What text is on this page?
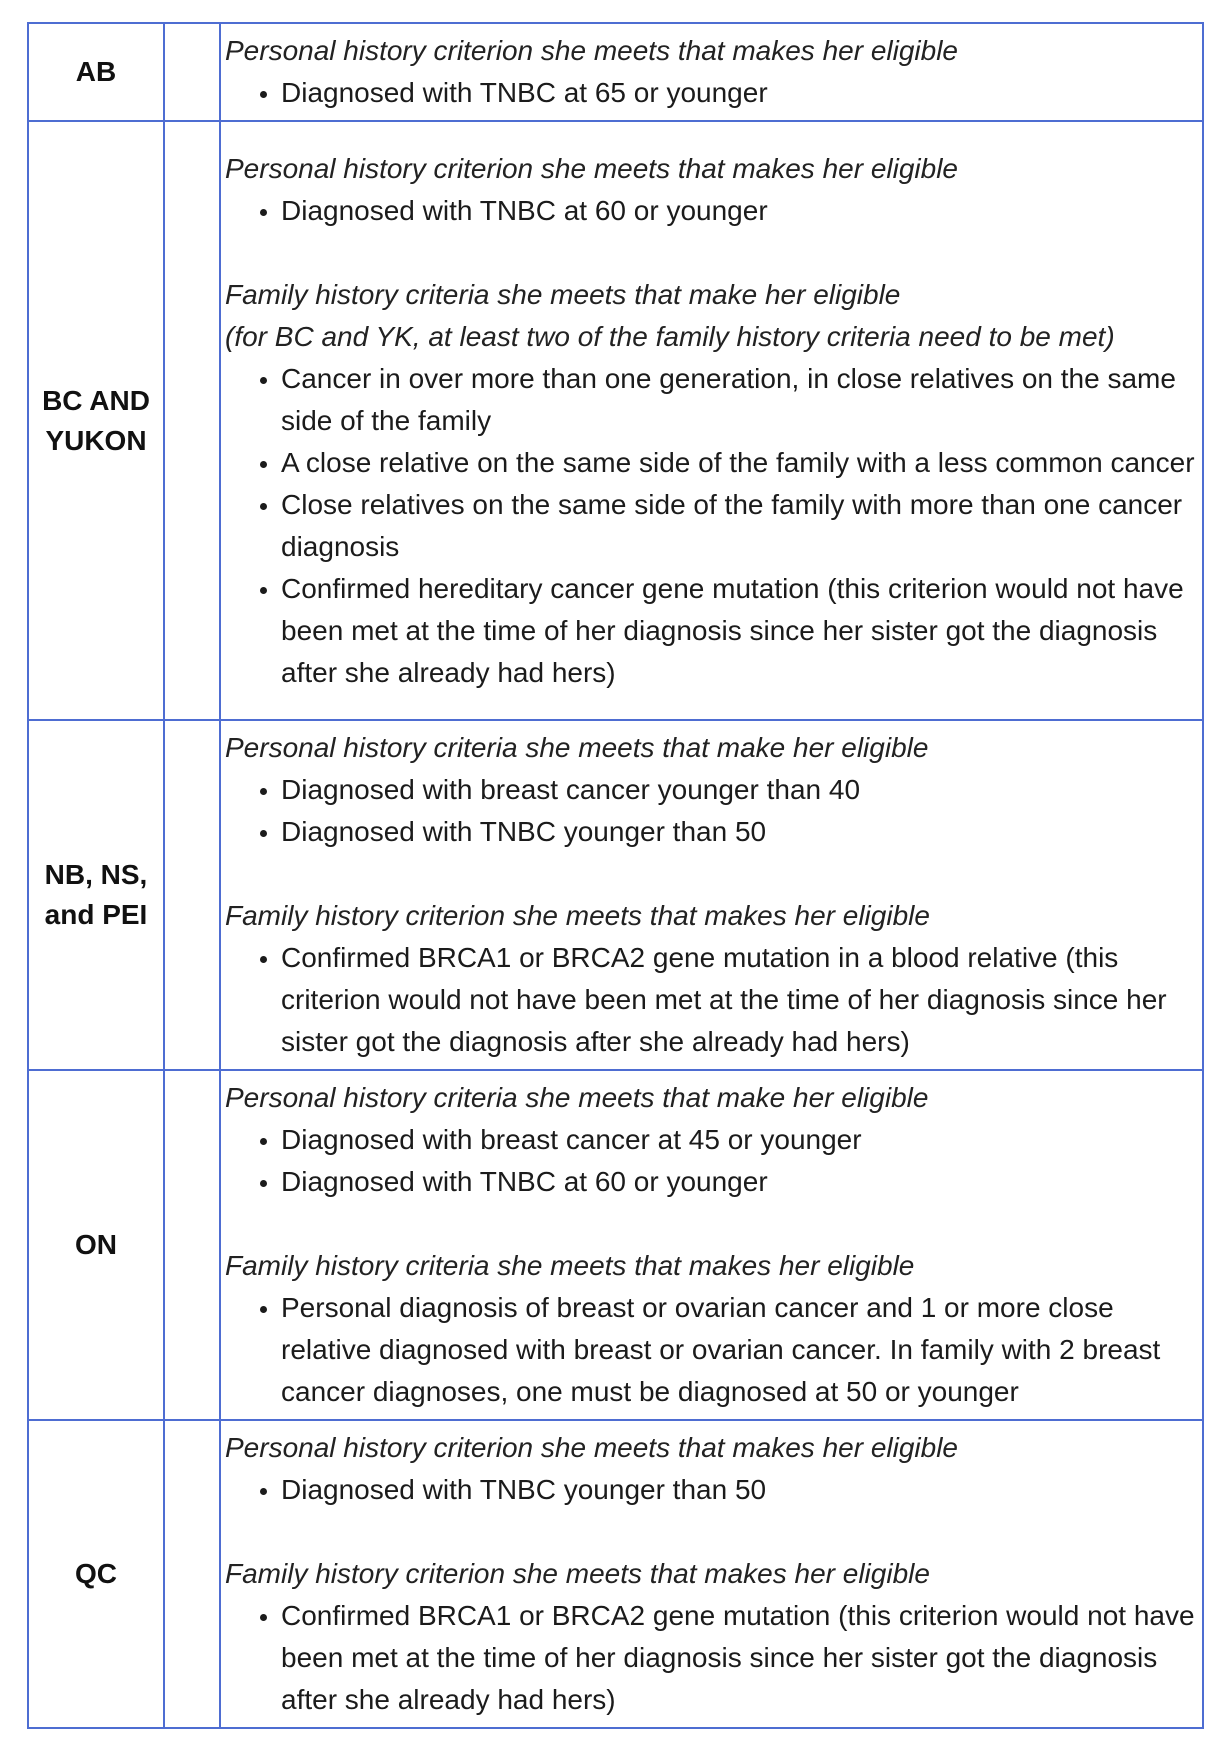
AB		
Personal history criterion she meets that makes her eligible
• Diagnosed with TNBC at 65 or younger

BC AND YUKON		
Personal history criterion she meets that makes her eligible
• Diagnosed with TNBC at 60 or younger
Family history criteria she meets that make her eligible
(for BC and YK, at least two of the family history criteria need to be met)
• Cancer in over more than one generation, in close relatives on the same side of the family
• A close relative on the same side of the family with a less common cancer
• Close relatives on the same side of the family with more than one cancer diagnosis
• Confirmed hereditary cancer gene mutation (this criterion would not have been met at the time of her diagnosis since her sister got the diagnosis after she already had hers)

NB, NS, and PEI		
Personal history criteria she meets that make her eligible
• Diagnosed with breast cancer younger than 40
• Diagnosed with TNBC younger than 50
Family history criterion she meets that makes her eligible
• Confirmed BRCA1 or BRCA2 gene mutation in a blood relative (this criterion would not have been met at the time of her diagnosis since her sister got the diagnosis after she already had hers)

ON		
Personal history criteria she meets that make her eligible
• Diagnosed with breast cancer at 45 or younger
• Diagnosed with TNBC at 60 or younger
Family history criteria she meets that makes her eligible
• Personal diagnosis of breast or ovarian cancer and 1 or more close relative diagnosed with breast or ovarian cancer. In family with 2 breast cancer diagnoses, one must be diagnosed at 50 or younger

QC		
Personal history criterion she meets that makes her eligible
• Diagnosed with TNBC younger than 50
Family history criterion she meets that makes her eligible
• Confirmed BRCA1 or BRCA2 gene mutation (this criterion would not have been met at the time of her diagnosis since her sister got the diagnosis after she already had hers)
